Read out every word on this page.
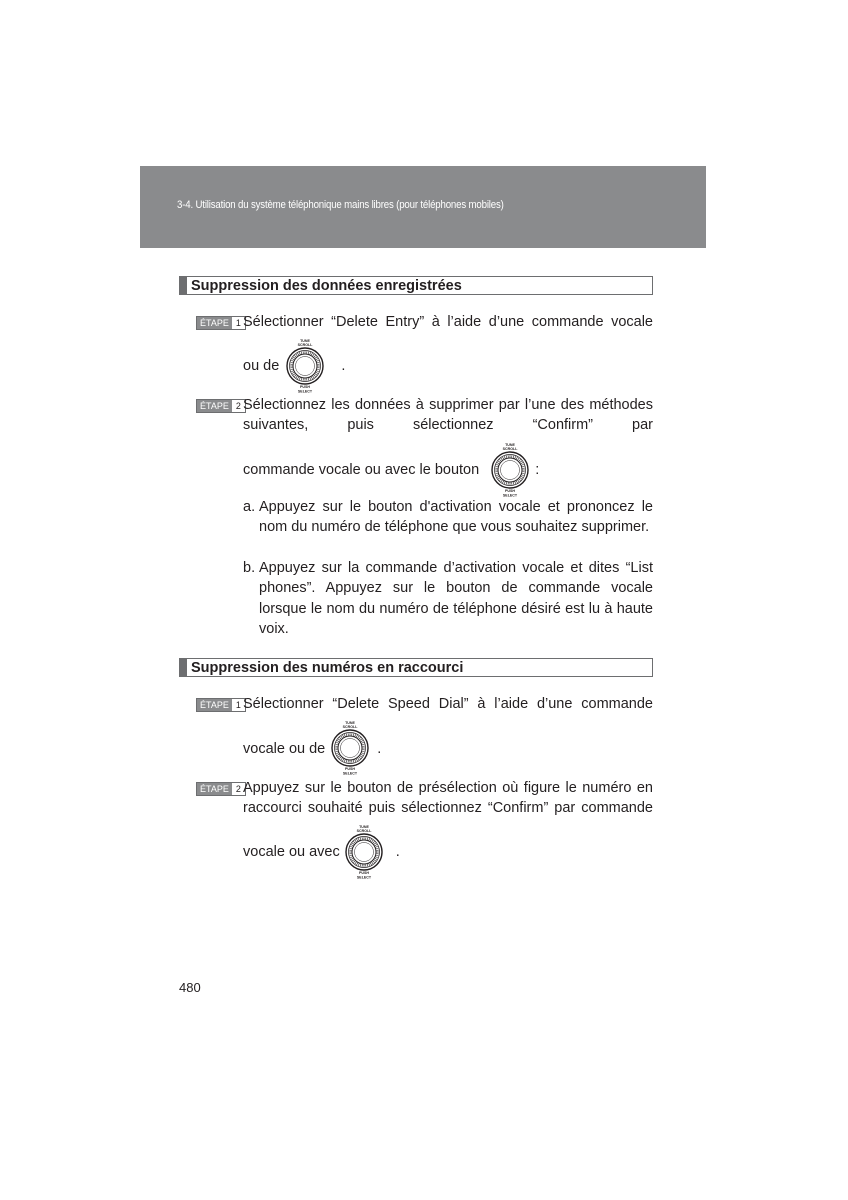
3-4. Utilisation du système téléphonique mains libres (pour téléphones mobiles)
Suppression des données enregistrées
ÉTAPE 1 Sélectionner “Delete Entry” à l’aide d’une commande vocale
ou de	.
TUNE
SCROLL
PUSH
SELECT
ÉTAPE 2 Sélectionnez les données à supprimer par l’une des méthodes suivantes, puis sélectionnez “Confirm” par
commande vocale ou avec le bouton	:
TUNE
SCROLL
PUSH
SELECT
a. Appuyez sur le bouton d'activation vocale et prononcez le nom du numéro de téléphone que vous souhaitez supprimer.
b. Appuyez sur la commande d’activation vocale et dites “List phones”. Appuyez sur le bouton de commande vocale lorsque le nom du numéro de téléphone désiré est lu à haute voix.
Suppression des numéros en raccourci
ÉTAPE 1 Sélectionner “Delete Speed Dial” à l’aide d’une commande
vocale ou de	.
TUNE
SCROLL
PUSH
SELECT
ÉTAPE 2 Appuyez sur le bouton de présélection où figure le numéro en raccourci souhaité puis sélectionnez “Confirm” par commande
vocale ou avec	.
TUNE
SCROLL
PUSH
SELECT
480
